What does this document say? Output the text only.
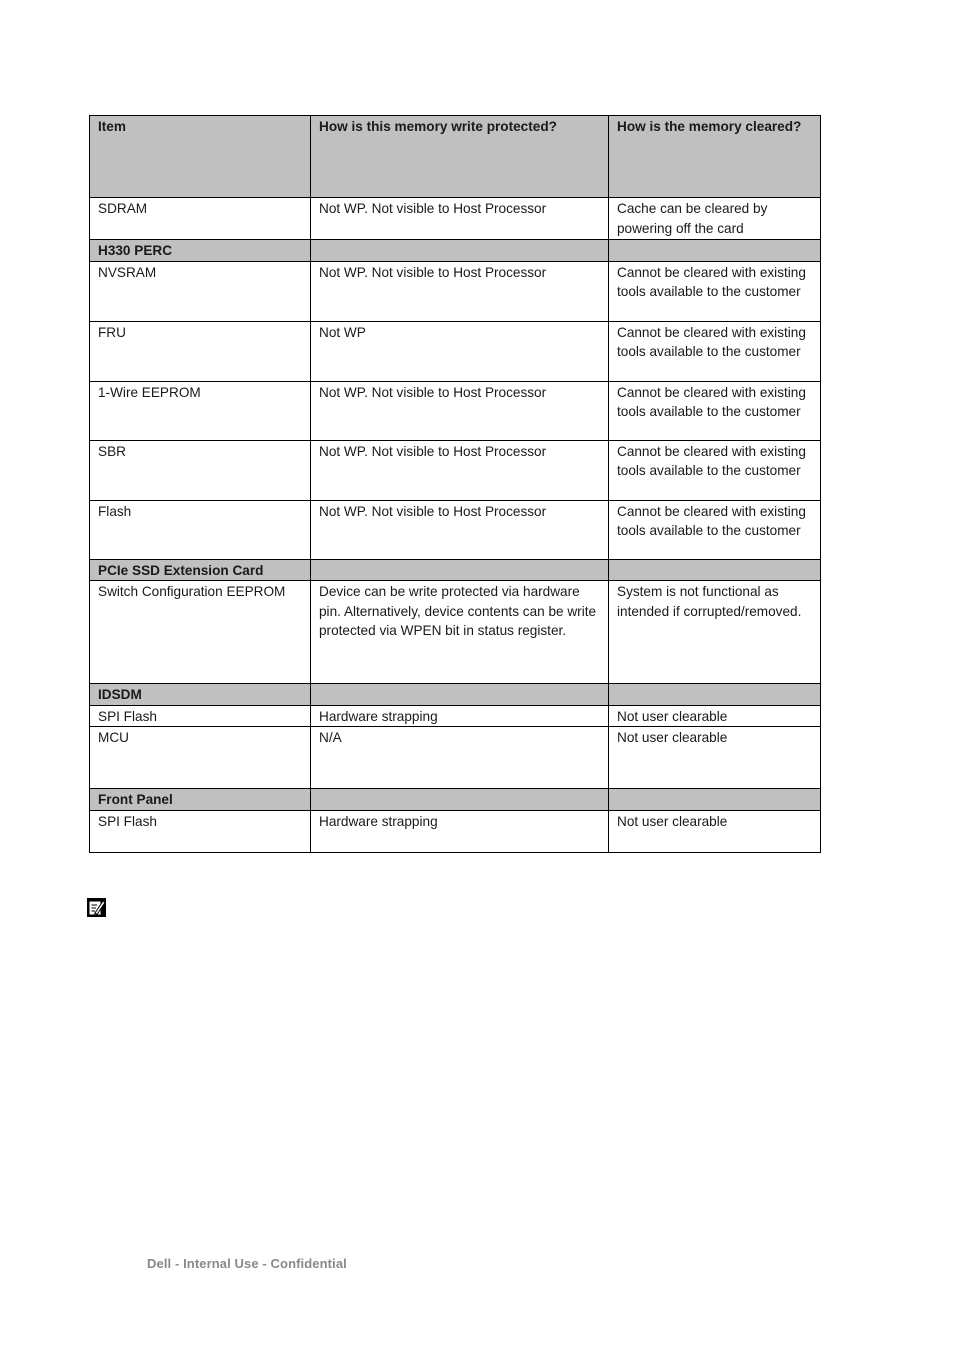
Item	How is this memory write protected?	How is the memory cleared?
SDRAM	Not WP. Not visible to Host Processor	Cache can be cleared by powering off the card
H330 PERC		
NVSRAM	Not WP. Not visible to Host Processor	Cannot be cleared with existing tools available to the customer
FRU	Not WP	Cannot be cleared with existing tools available to the customer
1-Wire EEPROM	Not WP. Not visible to Host Processor	Cannot be cleared with existing tools available to the customer
SBR	Not WP. Not visible to Host Processor	Cannot be cleared with existing tools available to the customer
Flash	Not WP. Not visible to Host Processor	Cannot be cleared with existing tools available to the customer
PCIe SSD Extension Card		
Switch Configuration EEPROM	Device can be write protected via hardware pin. Alternatively, device contents can be write protected via WPEN bit in status register.	System is not functional as intended if corrupted/removed.
IDSDM		
SPI Flash	Hardware strapping	Not user clearable
MCU	N/A	Not user clearable
Front Panel		
SPI Flash	Hardware strapping	Not user clearable
Dell - Internal Use - Confidential
